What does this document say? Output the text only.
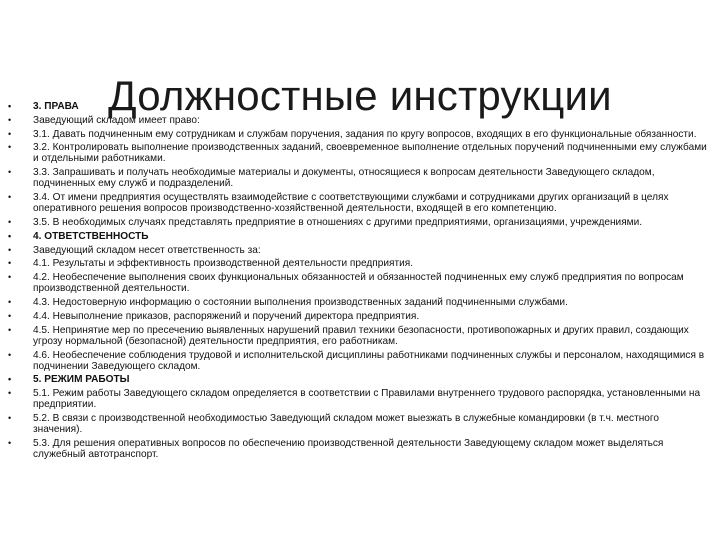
Должностные инструкции
• 3. ПРАВА
• Заведующий складом имеет право:
• 3.1. Давать подчиненным ему сотрудникам и службам поручения, задания по кругу вопросов, входящих в его функциональные обязанности.
• 3.2. Контролировать выполнение производственных заданий, своевременное выполнение отдельных поручений подчиненными ему службами и отдельными работниками.
• 3.3. Запрашивать и получать необходимые материалы и документы, относящиеся к вопросам деятельности Заведующего складом, подчиненных ему служб и подразделений.
• 3.4. От имени предприятия осуществлять взаимодействие с соответствующими службами и сотрудниками других организаций в целях оперативного решения вопросов производственно-хозяйственной деятельности, входящей в его компетенцию.
• 3.5. В необходимых случаях представлять предприятие в отношениях с другими предприятиями, организациями, учреждениями.
• 4. ОТВЕТСТВЕННОСТЬ
• Заведующий складом несет ответственность за:
• 4.1. Результаты и эффективность производственной деятельности предприятия.
• 4.2. Необеспечение выполнения своих функциональных обязанностей и обязанностей подчиненных ему служб предприятия по вопросам производственной деятельности.
• 4.3. Недостоверную информацию о состоянии выполнения производственных заданий подчиненными службами.
• 4.4. Невыполнение приказов, распоряжений и поручений директора предприятия.
• 4.5. Непринятие мер по пресечению выявленных нарушений правил техники безопасности, противопожарных и других правил, создающих угрозу нормальной (безопасной) деятельности предприятия, его работникам.
• 4.6. Необеспечение соблюдения трудовой и исполнительской дисциплины работниками подчиненных службы и персоналом, находящимися в подчинении Заведующего складом.
• 5. РЕЖИМ РАБОТЫ
• 5.1. Режим работы Заведующего складом определяется в соответствии с Правилами внутреннего трудового распорядка, установленными на предприятии.
• 5.2. В связи с производственной необходимостью Заведующий складом может выезжать в служебные командировки (в т.ч. местного значения).
• 5.3. Для решения оперативных вопросов по обеспечению производственной деятельности Заведующему складом может выделяться служебный автотранспорт.
